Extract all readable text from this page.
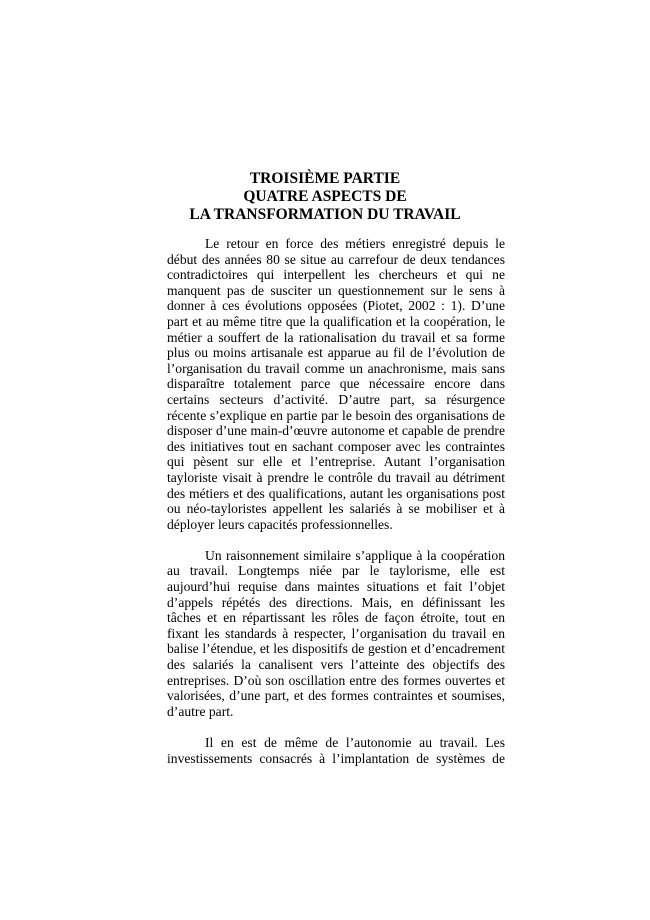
TROISIÈME PARTIE
QUATRE ASPECTS DE
LA TRANSFORMATION DU TRAVAIL

Le retour en force des métiers enregistré depuis le début des années 80 se situe au carrefour de deux tendances contradictoires qui interpellent les chercheurs et qui ne manquent pas de susciter un questionnement sur le sens à donner à ces évolutions opposées (Piotet, 2002 : 1). D’une part et au même titre que la qualification et la coopération, le métier a souffert de la rationalisation du travail et sa forme plus ou moins artisanale est apparue au fil de l’évolution de l’organisation du travail comme un anachronisme, mais sans disparaître totalement parce que nécessaire encore dans certains secteurs d’activité. D’autre part, sa résurgence récente s’explique en partie par le besoin des organisations de disposer d’une main-d’œuvre autonome et capable de prendre des initiatives tout en sachant composer avec les contraintes qui pèsent sur elle et l’entreprise. Autant l’organisation tayloriste visait à prendre le contrôle du travail au détriment des métiers et des qualifications, autant les organisations post ou néo-tayloristes appellent les salariés à se mobiliser et à déployer leurs capacités professionnelles.

Un raisonnement similaire s’applique à la coopération au travail. Longtemps niée par le taylorisme, elle est aujourd’hui requise dans maintes situations et fait l’objet d’appels répétés des directions. Mais, en définissant les tâches et en répartissant les rôles de façon étroite, tout en fixant les standards à respecter, l’organisation du travail en balise l’étendue, et les dispositifs de gestion et d’encadrement des salariés la canalisent vers l’atteinte des objectifs des entreprises. D’où son oscillation entre des formes ouvertes et valorisées, d’une part, et des formes contraintes et soumises, d’autre part.

Il en est de même de l’autonomie au travail. Les investissements consacrés à l’implantation de systèmes de
